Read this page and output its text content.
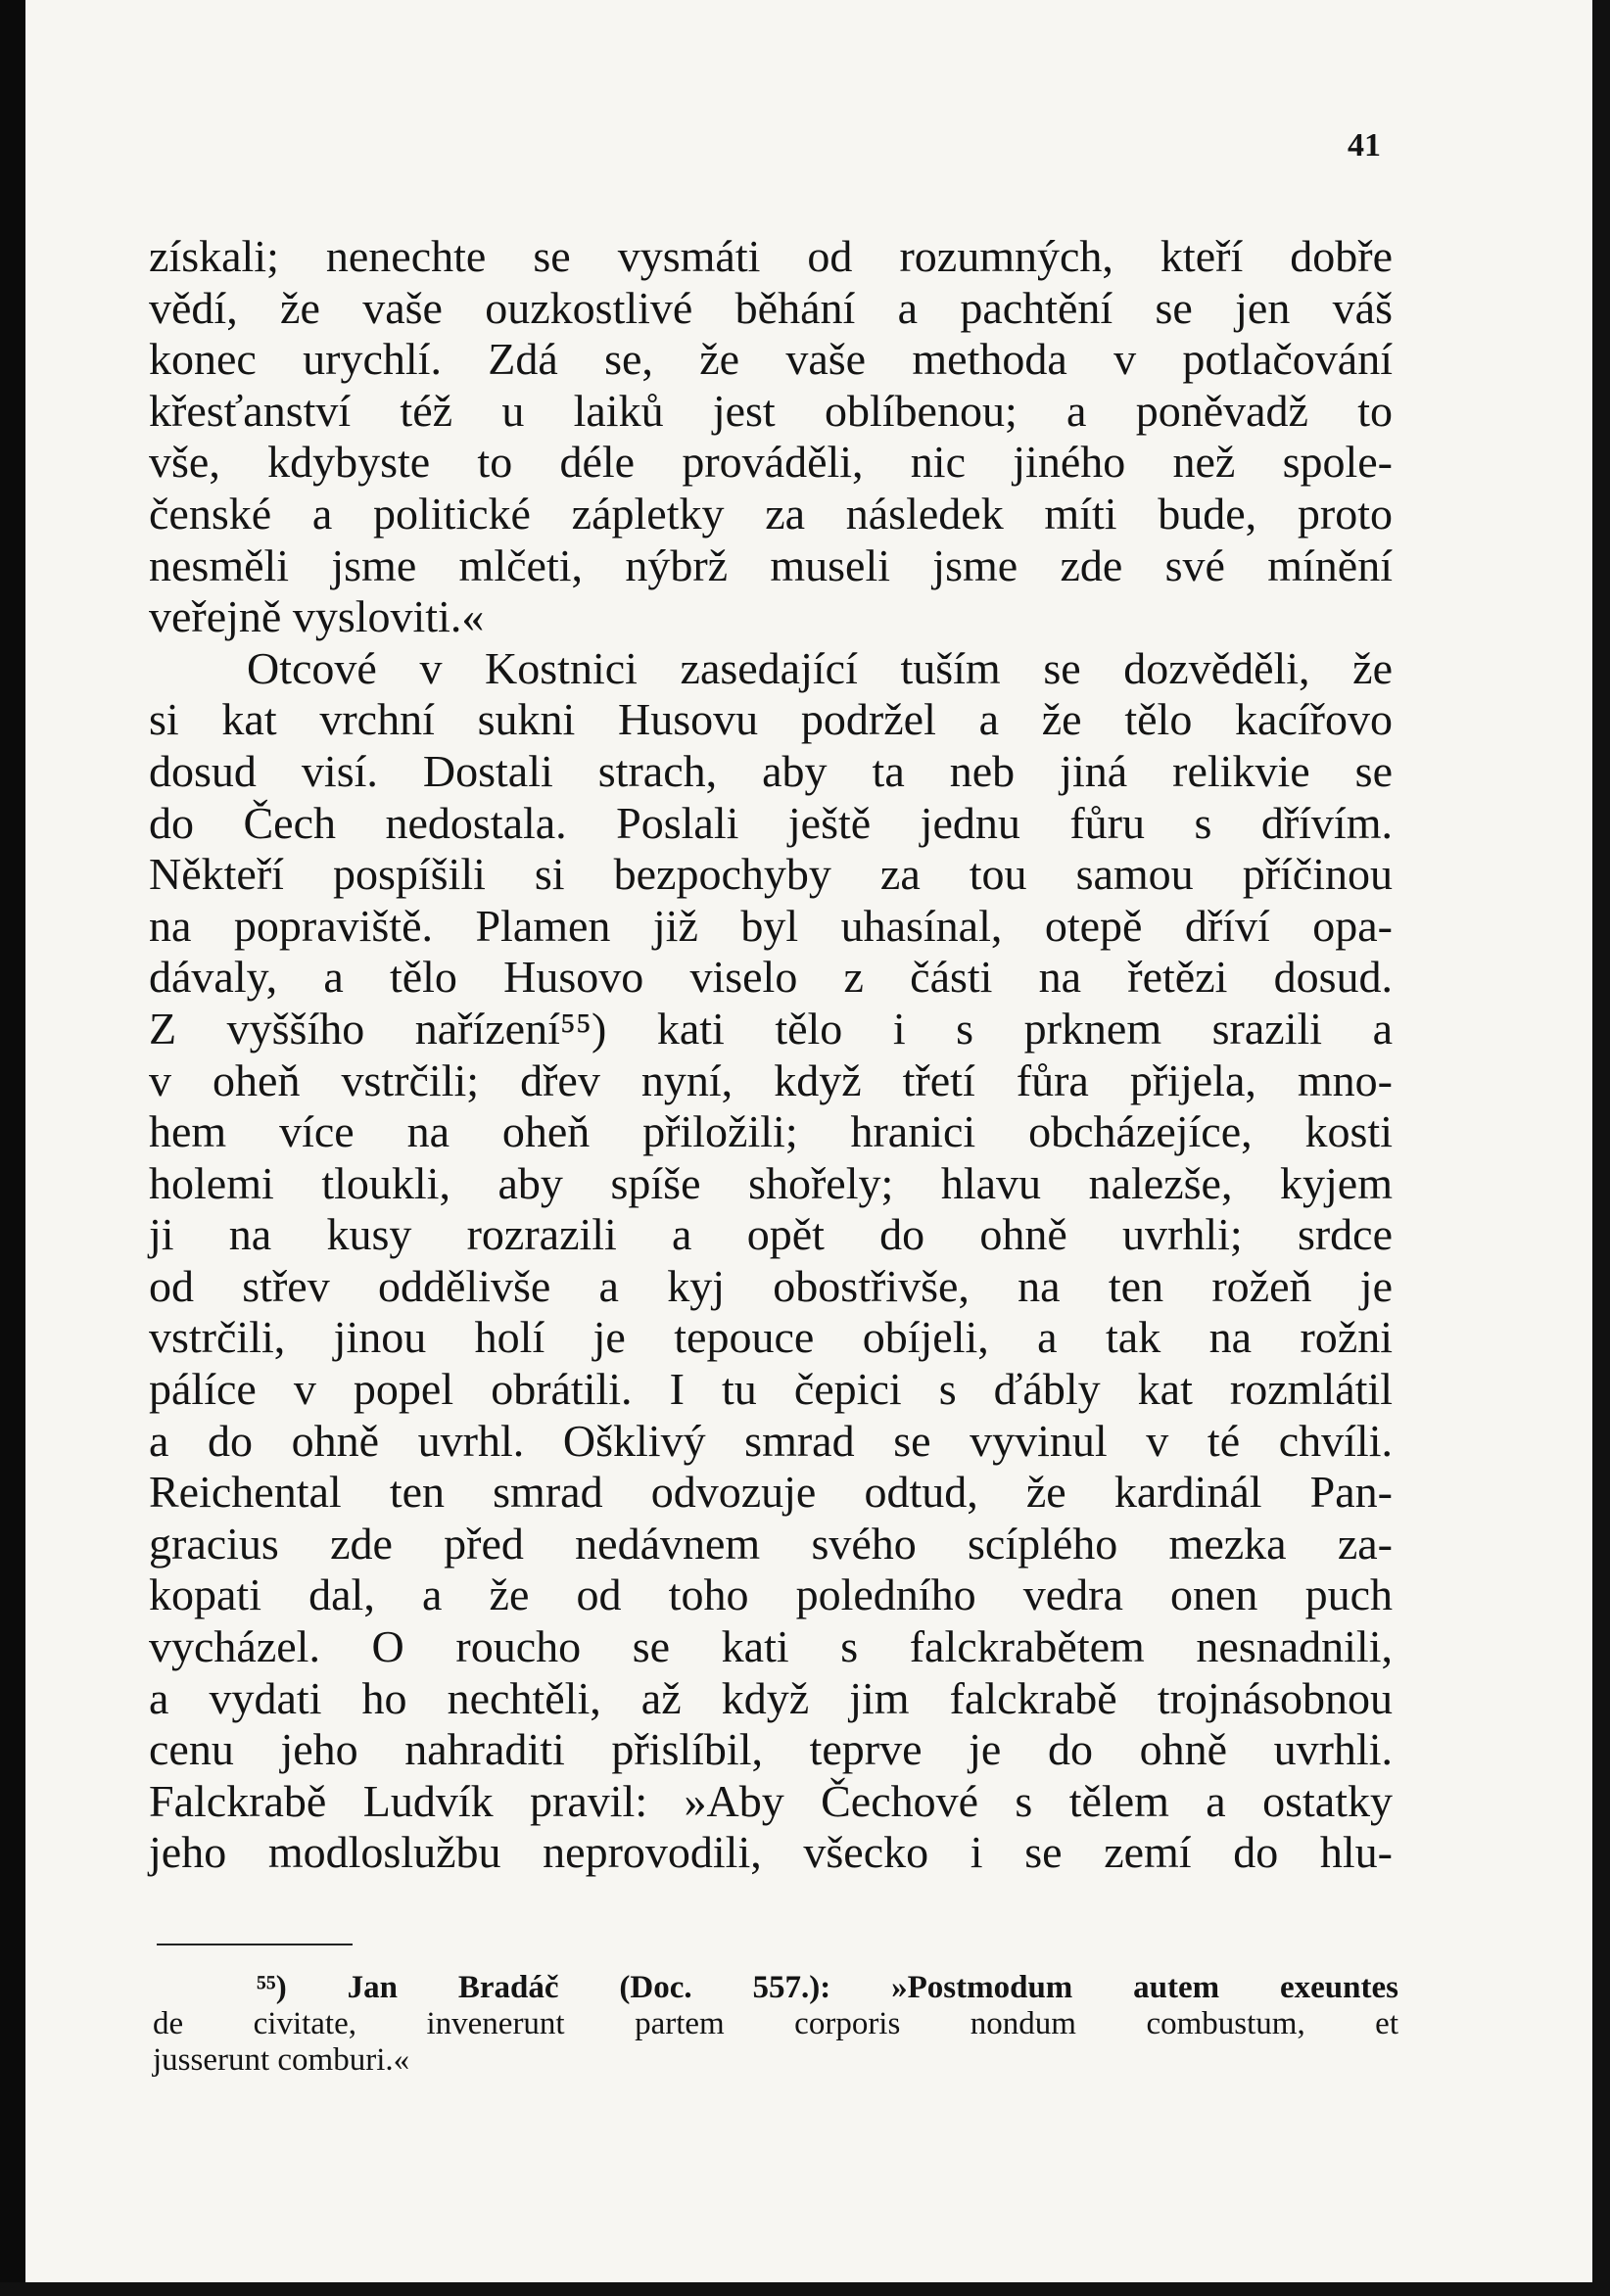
41
získali; nenechte se vysmáti od rozumných, kteří dobře
vědí, že vaše ouzkostlivé běhání a pachtění se jen váš
konec urychlí. Zdá se, že vaše methoda v potlačování
křesťanství též u laiků jest oblíbenou; a poněvadž to
vše, kdybyste to déle prováděli, nic jiného než spole-
čenské a politické zápletky za následek míti bude, proto
nesměli jsme mlčeti, nýbrž museli jsme zde své mínění
veřejně vysloviti.«
Otcové v Kostnici zasedající tuším se dozvěděli, že
si kat vrchní sukni Husovu podržel a že tělo kacířovo
dosud visí. Dostali strach, aby ta neb jiná relikvie se
do Čech nedostala. Poslali ještě jednu fůru s dřívím.
Někteří pospíšili si bezpochyby za tou samou příčinou
na popraviště. Plamen již byl uhasínal, otepě dříví opa-
dávaly, a tělo Husovo viselo z části na řetězi dosud.
Z vyššího nařízení⁵⁵) kati tělo i s prknem srazili a
v oheň vstrčili; dřev nyní, když třetí fůra přijela, mno-
hem více na oheň přiložili; hranici obcházejíce, kosti
holemi tloukli, aby spíše shořely; hlavu nalezše, kyjem
ji na kusy rozrazili a opět do ohně uvrhli; srdce
od střev oddělivše a kyj obostřivše, na ten rožeň je
vstrčili, jinou holí je tepouce obíjeli, a tak na rožni
pálíce v popel obrátili. I tu čepici s ďábly kat rozmlátil
a do ohně uvrhl. Ošklivý smrad se vyvinul v té chvíli.
Reichental ten smrad odvozuje odtud, že kardinál Pan-
gracius zde před nedávnem svého scíplého mezka za-
kopati dal, a že od toho poledního vedra onen puch
vycházel. O roucho se kati s falckrabětem nesnadnili,
a vydati ho nechtěli, až když jim falckrabě trojnásobnou
cenu jeho nahraditi přislíbil, teprve je do ohně uvrhli.
Falckrabě Ludvík pravil: »Aby Čechové s tělem a ostatky
jeho modloslužbu neprovodili, všecko i se zemí do hlu-
⁵⁵) Jan Bradáč (Doc. 557.): »Postmodum autem exeuntes
de civitate, invenerunt partem corporis nondum combustum, et
jusserunt comburi.«
